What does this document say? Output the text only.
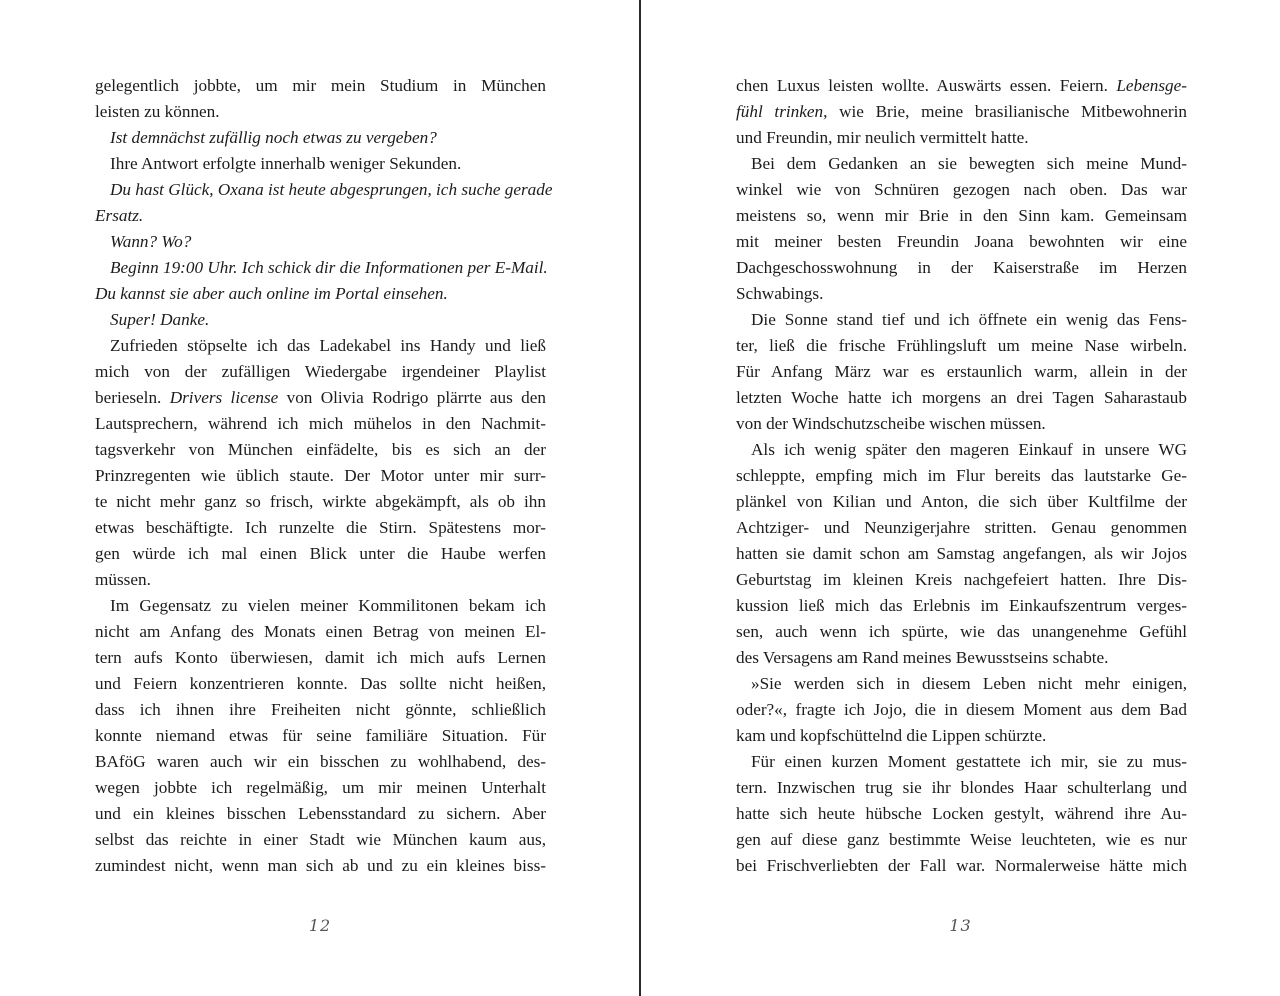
gelegentlich jobbte, um mir mein Studium in München
leisten zu können.
Ist demnächst zufällig noch etwas zu vergeben?
Ihre Antwort erfolgte innerhalb weniger Sekunden.
Du hast Glück, Oxana ist heute abgesprungen, ich suche gerade
Ersatz.
Wann? Wo?
Beginn 19:00 Uhr. Ich schick dir die Informationen per E-Mail.
Du kannst sie aber auch online im Portal einsehen.
Super! Danke.
Zufrieden stöpselte ich das Ladekabel ins Handy und ließ
mich von der zufälligen Wiedergabe irgendeiner Playlist
berieseln. Drivers license von Olivia Rodrigo plärrte aus den
Lautsprechern, während ich mich mühelos in den Nachmit-
tagsverkehr von München einfädelte, bis es sich an der
Prinzregenten wie üblich staute. Der Motor unter mir surr-
te nicht mehr ganz so frisch, wirkte abgekämpft, als ob ihn
etwas beschäftigte. Ich runzelte die Stirn. Spätestens mor-
gen würde ich mal einen Blick unter die Haube werfen
müssen.
Im Gegensatz zu vielen meiner Kommilitonen bekam ich
nicht am Anfang des Monats einen Betrag von meinen El-
tern aufs Konto überwiesen, damit ich mich aufs Lernen
und Feiern konzentrieren konnte. Das sollte nicht heißen,
dass ich ihnen ihre Freiheiten nicht gönnte, schließlich
konnte niemand etwas für seine familiäre Situation. Für
BAföG waren auch wir ein bisschen zu wohlhabend, des-
wegen jobbte ich regelmäßig, um mir meinen Unterhalt
und ein kleines bisschen Lebensstandard zu sichern. Aber
selbst das reichte in einer Stadt wie München kaum aus,
zumindest nicht, wenn man sich ab und zu ein kleines biss-
12
chen Luxus leisten wollte. Auswärts essen. Feiern. Lebensge-
fühl trinken, wie Brie, meine brasilianische Mitbewohnerin
und Freundin, mir neulich vermittelt hatte.
Bei dem Gedanken an sie bewegten sich meine Mund-
winkel wie von Schnüren gezogen nach oben. Das war
meistens so, wenn mir Brie in den Sinn kam. Gemeinsam
mit meiner besten Freundin Joana bewohnten wir eine
Dachgeschosswohnung in der Kaiserstraße im Herzen
Schwabings.
Die Sonne stand tief und ich öffnete ein wenig das Fens-
ter, ließ die frische Frühlingsluft um meine Nase wirbeln.
Für Anfang März war es erstaunlich warm, allein in der
letzten Woche hatte ich morgens an drei Tagen Saharastaub
von der Windschutzscheibe wischen müssen.
Als ich wenig später den mageren Einkauf in unsere WG
schleppte, empfing mich im Flur bereits das lautstarke Ge-
plänkel von Kilian und Anton, die sich über Kultfilme der
Achtziger- und Neunzigerjahre stritten. Genau genommen
hatten sie damit schon am Samstag angefangen, als wir Jojos
Geburtstag im kleinen Kreis nachgefeiert hatten. Ihre Dis-
kussion ließ mich das Erlebnis im Einkaufszentrum verges-
sen, auch wenn ich spürte, wie das unangenehme Gefühl
des Versagens am Rand meines Bewusstseins schabte.
»Sie werden sich in diesem Leben nicht mehr einigen,
oder?«, fragte ich Jojo, die in diesem Moment aus dem Bad
kam und kopfschüttelnd die Lippen schürzte.
Für einen kurzen Moment gestattete ich mir, sie zu mus-
tern. Inzwischen trug sie ihr blondes Haar schulterlang und
hatte sich heute hübsche Locken gestylt, während ihre Au-
gen auf diese ganz bestimmte Weise leuchteten, wie es nur
bei Frischverliebten der Fall war. Normalerweise hätte mich
13
